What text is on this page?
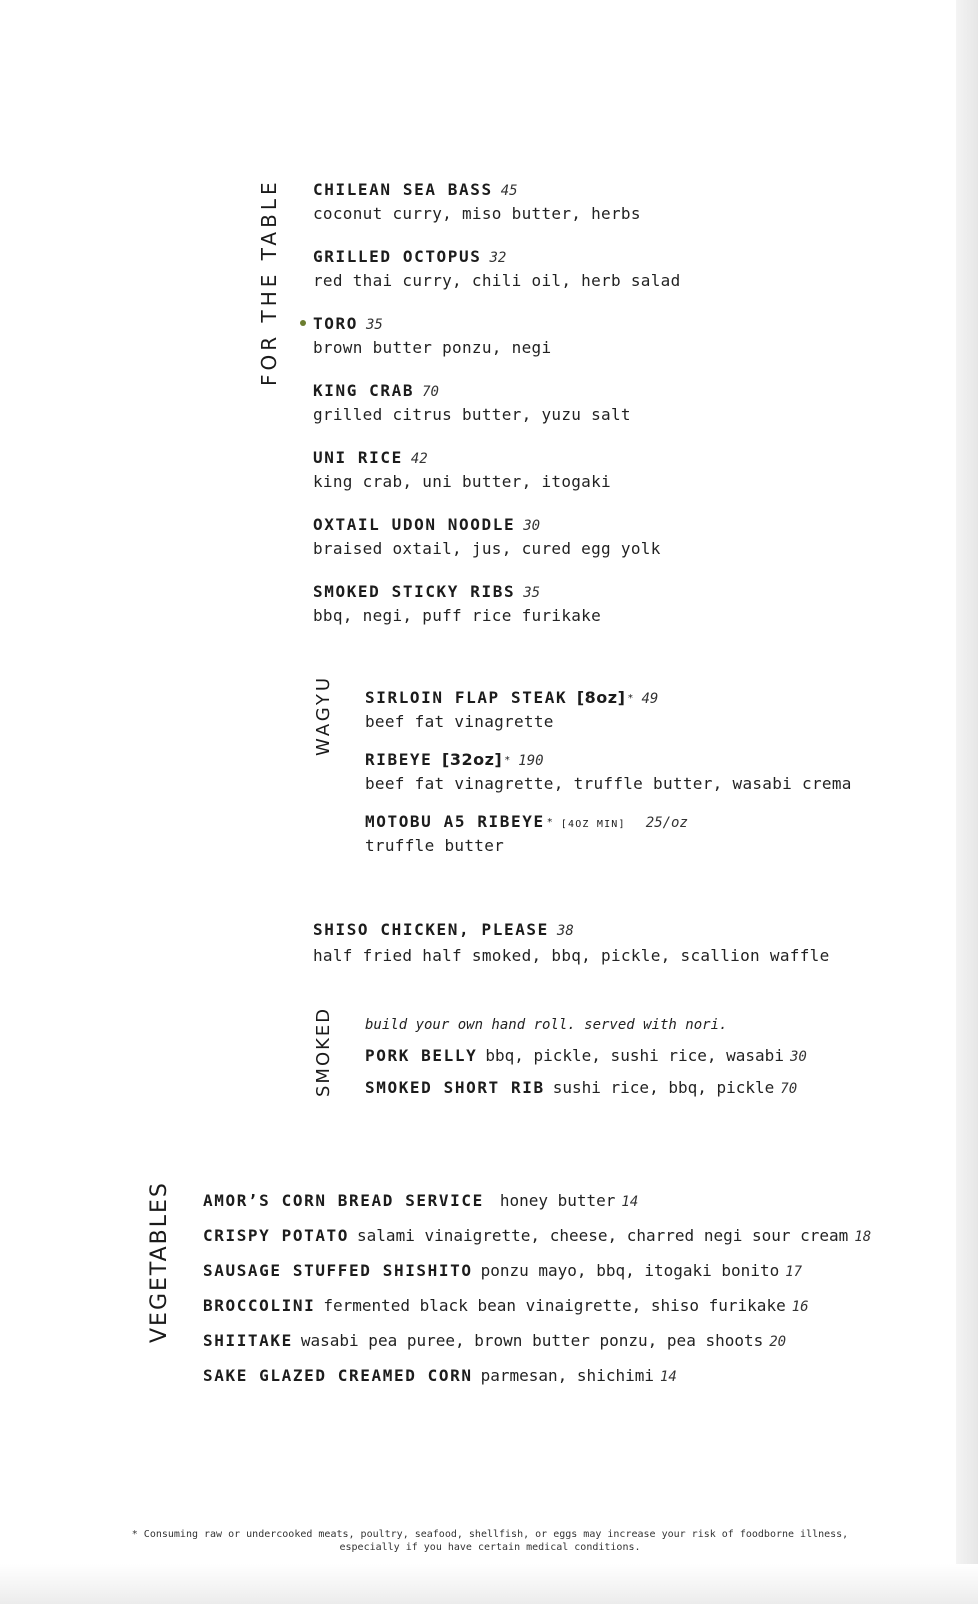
FOR THE TABLE CHILEAN SEA BASS 45
coconut curry, miso butter, herbs
GRILLED OCTOPUS 32
red thai curry, chili oil, herb salad
TORO 35
brown butter ponzu, negi
KING CRAB 70
grilled citrus butter, yuzu salt
UNI RICE 42
king crab, uni butter, itogaki
OXTAIL UDON NOODLE 30
braised oxtail, jus, cured egg yolk
SMOKED STICKY RIBS 35
bbq, negi, puff rice furikake
WAGYU SIRLOIN FLAP STEAK [8oz] * 49
beef fat vinagrette
RIBEYE [32oz] * 190
beef fat vinagrette, truffle butter, wasabi crema
MOTOBU A5 RIBEYE * [4OZ MIN] 25/oz
truffle butter
SHISO CHICKEN, PLEASE 38
half fried half smoked, bbq, pickle, scallion waffle
SMOKED build your own hand roll. served with nori.
PORK BELLY bbq, pickle, sushi rice, wasabi 30
SMOKED SHORT RIB sushi rice, bbq, pickle 70
VEGETABLES AMOR’S CORN BREAD SERVICE honey butter 14
CRISPY POTATO salami vinaigrette, cheese, charred negi sour cream 18
SAUSAGE STUFFED SHISHITO ponzu mayo, bbq, itogaki bonito 17
BROCCOLINI fermented black bean vinaigrette, shiso furikake 16
SHIITAKE wasabi pea puree, brown butter ponzu, pea shoots 20
SAKE GLAZED CREAMED CORN parmesan, shichimi 14
* Consuming raw or undercooked meats, poultry, seafood, shellfish, or eggs may increase your risk of foodborne illness,
especially if you have certain medical conditions.
